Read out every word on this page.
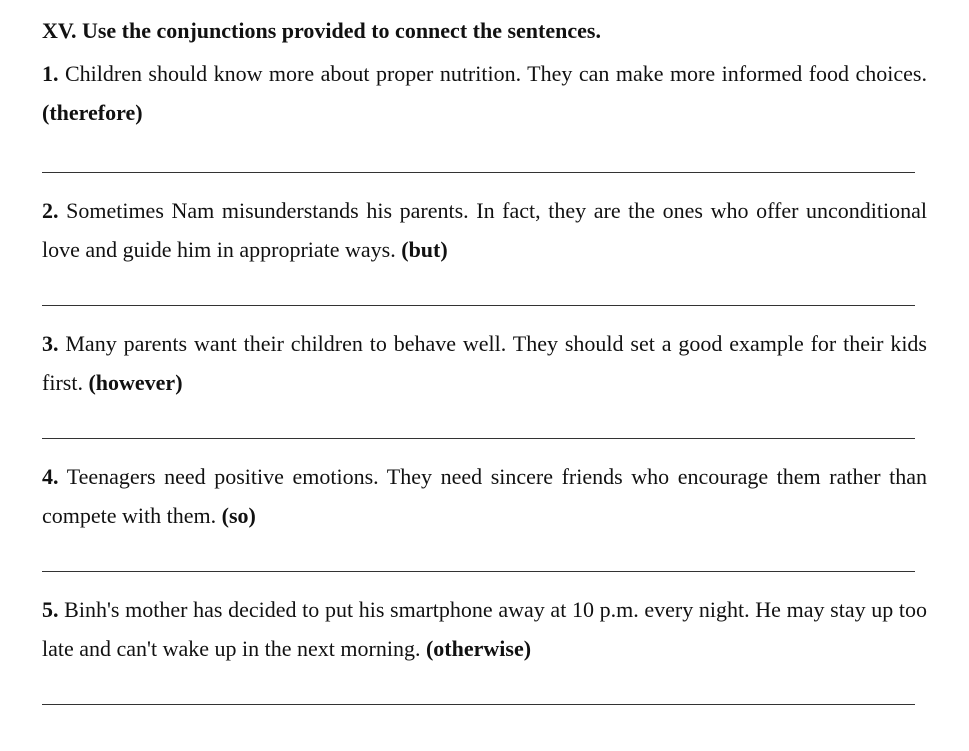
XV. Use the conjunctions provided to connect the sentences.

1. Children should know more about proper nutrition. They can make more informed food choices. (therefore)

2. Sometimes Nam misunderstands his parents. In fact, they are the ones who offer unconditional love and guide him in appropriate ways. (but)

3. Many parents want their children to behave well. They should set a good example for their kids first. (however)

4. Teenagers need positive emotions. They need sincere friends who encourage them rather than compete with them. (so)

5. Binh's mother has decided to put his smartphone away at 10 p.m. every night. He may stay up too late and can't wake up in the next morning. (otherwise)
